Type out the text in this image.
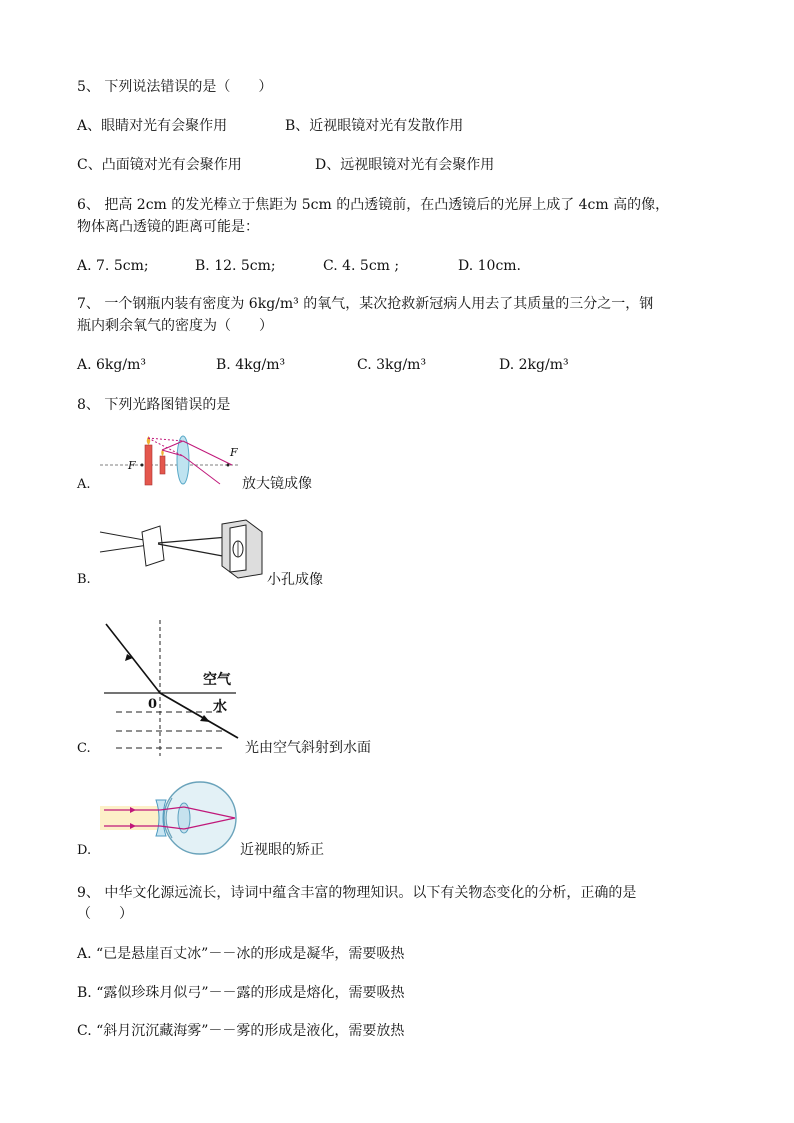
5、 下列说法错误的是（　　）
A、眼睛对光有会聚作用	B、近视眼镜对光有发散作用
C、凸面镜对光有会聚作用	D、远视眼镜对光有会聚作用
6、 把高 2cm 的发光棒立于焦距为 5cm 的凸透镜前，在凸透镜后的光屏上成了 4cm 高的像，
物体离凸透镜的距离可能是：
A. 7. 5cm;	B. 12. 5cm;	C. 4. 5cm ;	D. 10cm.
7、 一个钢瓶内装有密度为 6kg/m³ 的氧气，某次抢救新冠病人用去了其质量的三分之一，钢
瓶内剩余氧气的密度为（　　）
A. 6kg/m³	B. 4kg/m³	C. 3kg/m³	D. 2kg/m³
8、 下列光路图错误的是
A.
F
F
放大镜成像
B.	小孔成像
C.
空气
水
0
光由空气斜射到水面
D.	近视眼的矫正
9、 中华文化源远流长，诗词中蕴含丰富的物理知识。以下有关物态变化的分析，正确的是
（　　）
A. “已是悬崖百丈冰”－－冰的形成是凝华，需要吸热
B. “露似珍珠月似弓”－－露的形成是熔化，需要吸热
C. “斜月沉沉藏海雾”－－雾的形成是液化，需要放热
